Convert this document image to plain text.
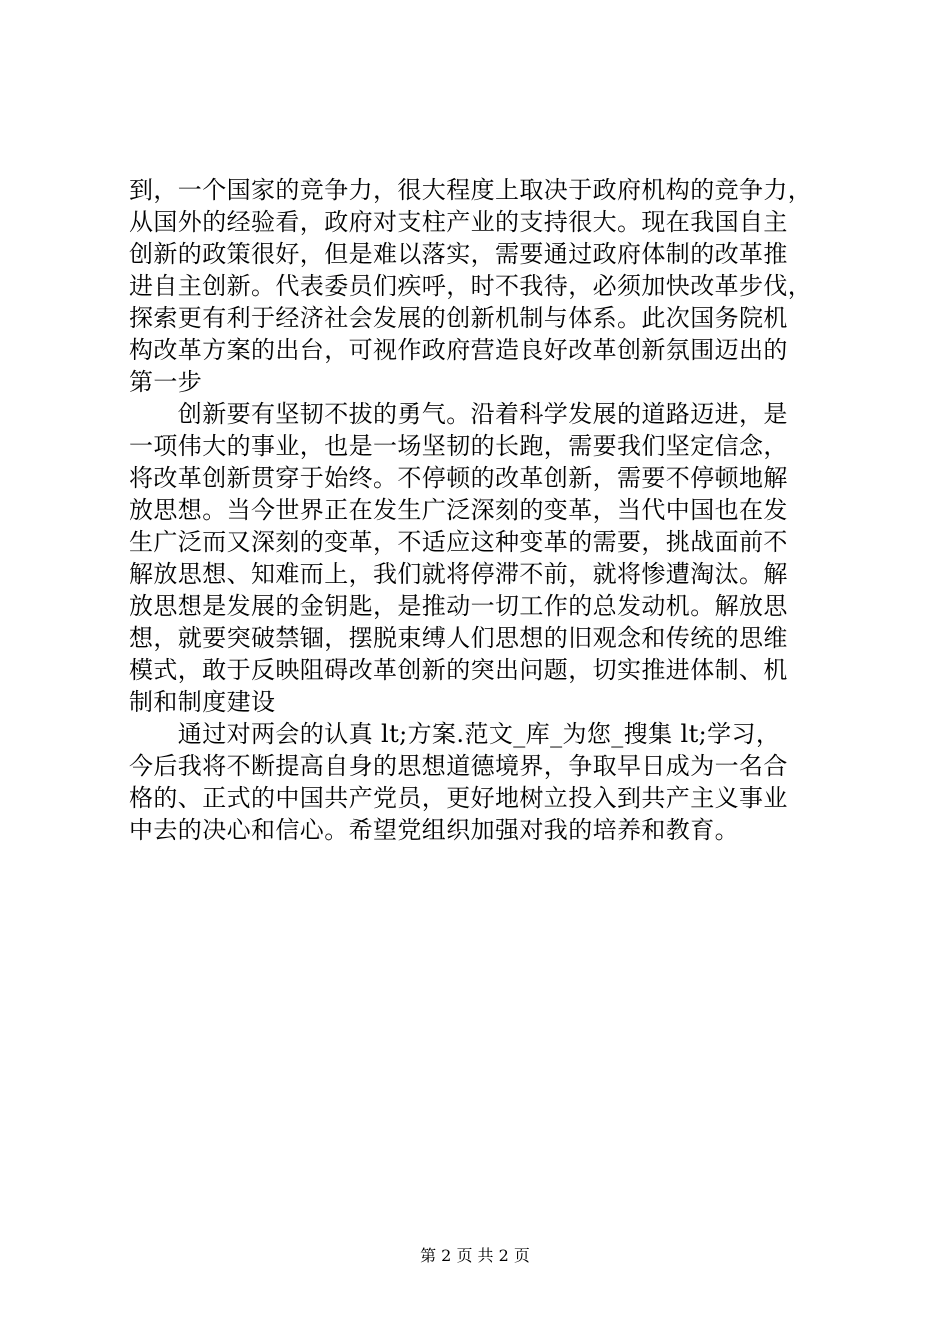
到，一个国家的竞争力，很大程度上取决于政府机构的竞争力，
从国外的经验看，政府对支柱产业的支持很大。现在我国自主
创新的政策很好，但是难以落实，需要通过政府体制的改革推
进自主创新。代表委员们疾呼，时不我待，必须加快改革步伐，
探索更有利于经济社会发展的创新机制与体系。此次国务院机
构改革方案的出台，可视作政府营造良好改革创新氛围迈出的
第一步
　　创新要有坚韧不拔的勇气。沿着科学发展的道路迈进，是
一项伟大的事业，也是一场坚韧的长跑，需要我们坚定信念，
将改革创新贯穿于始终。不停顿的改革创新，需要不停顿地解
放思想。当今世界正在发生广泛深刻的变革，当代中国也在发
生广泛而又深刻的变革，不适应这种变革的需要，挑战面前不
解放思想、知难而上，我们就将停滞不前，就将惨遭淘汰。解
放思想是发展的金钥匙，是推动一切工作的总发动机。解放思
想，就要突破禁锢，摆脱束缚人们思想的旧观念和传统的思维
模式，敢于反映阻碍改革创新的突出问题，切实推进体制、机
制和制度建设
　　通过对两会的认真 lt;方案.范文_库_为您_搜集 lt;学习，
今后我将不断提高自身的思想道德境界，争取早日成为一名合
格的、正式的中国共产党员，更好地树立投入到共产主义事业
中去的决心和信心。希望党组织加强对我的培养和教育。
第 2 页 共 2 页
